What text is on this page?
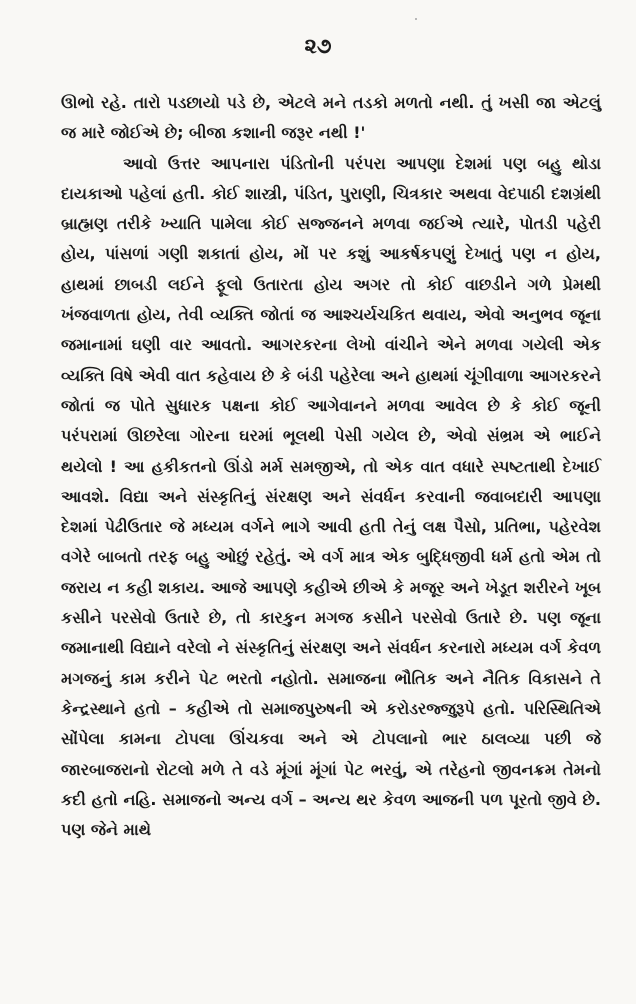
૨૭

ઊભો રહે. તારો પડછાયો પડે છે, એટલે મને તડકો મળતો નથી. તું ખસી જા એટલું જ મારે જોઈએ છે; બીજા કશાની જરૂર નથી !'

આવો ઉત્તર આપનારા પંડિતોની પરંપરા આપણા દેશમાં પણ બહુ થોડા દાયકાઓ પહેલાં હતી. કોઈ શાસ્ત્રી, પંડિત, પુરાણી, ચિત્રકાર અથવા વેદપાઠી દશગ્રંથી બ્રાહ્મણ તરીકે ખ્યાતિ પામેલા કોઈ સજ્જનને મળવા જઈએ ત્યારે, પોતડી પહેરી હોય, પાંસળાં ગણી શકાતાં હોય, મોં પર કશું આકર્ષકપણું દેખાતું પણ ન હોય, હાથમાં છાબડી લઈને ફૂલો ઉતારતા હોય અગર તો કોઈ વાછડીને ગળે પ્રેમથી ખંજવાળતા હોય, તેવી વ્યક્તિ જોતાં જ આશ્ચર્યચકિત થવાય, એવો અનુભવ જૂના જમાનામાં ઘણી વાર આવતો. આગરકરના લેખો વાંચીને એને મળવા ગયેલી એક વ્યક્તિ વિષે એવી વાત કહેવાય છે કે બંડી પહેરેલા અને હાથમાં ચૂંગીવાળા આગરકરને જોતાં જ પોતે સુધારક પક્ષના કોઈ આગેવાનને મળવા આવેલ છે કે કોઈ જૂની પરંપરામાં ઊછરેલા ગોરના ઘરમાં ભૂલથી પેસી ગયેલ છે, એવો સંભ્રમ એ ભાઈને થયેલો ! આ હકીકતનો ઊંડો મર્મ સમજીએ, તો એક વાત વધારે સ્પષ્ટતાથી દેખાઈ આવશે. વિદ્યા અને સંસ્કૃતિનું સંરક્ષણ અને સંવર્ધન કરવાની જવાબદારી આપણા દેશમાં પેઢીઉતાર જે મધ્યમ વર્ગને ભાગે આવી હતી તેનું લક્ષ પૈસો, પ્રતિભા, પહેરવેશ વગેરે બાબતો તરફ બહુ ઓછું રહેતું. એ વર્ગ માત્ર એક બુદ્ધિજીવી ધર્મ હતો એમ તો જરાય ન કહી શકાય. આજે આપણે કહીએ છીએ કે મજૂર અને ખેડૂત શરીરને ખૂબ કસીને પરસેવો ઉતારે છે, તો કારકુન મગજ કસીને પરસેવો ઉતારે છે. પણ જૂના જમાનાથી વિદ્યાને વરેલો ને સંસ્કૃતિનું સંરક્ષણ અને સંવર્ધન કરનારો મધ્યમ વર્ગ કેવળ મગજનું કામ કરીને પેટ ભરતો નહોતો. સમાજના ભૌતિક અને નૈતિક વિકાસને તે કેન્દ્રસ્થાને હતો – કહીએ તો સમાજપુરુષની એ કરોડરજ્જુરૂપે હતો. પરિસ્થિતિએ સોંપેલા કામના ટોપલા ઊંચકવા અને એ ટોપલાનો ભાર ઠાલવ્યા પછી જે જારબાજરાનો રોટલો મળે તે વડે મૂંગાં મૂંગાં પેટ ભરવું, એ તરેહનો જીવનક્રમ તેમનો કદી હતો નહિ. સમાજનો અન્ય વર્ગ – અન્ય થર કેવળ આજની પળ પૂરતો જીવે છે. પણ જેને માથે
